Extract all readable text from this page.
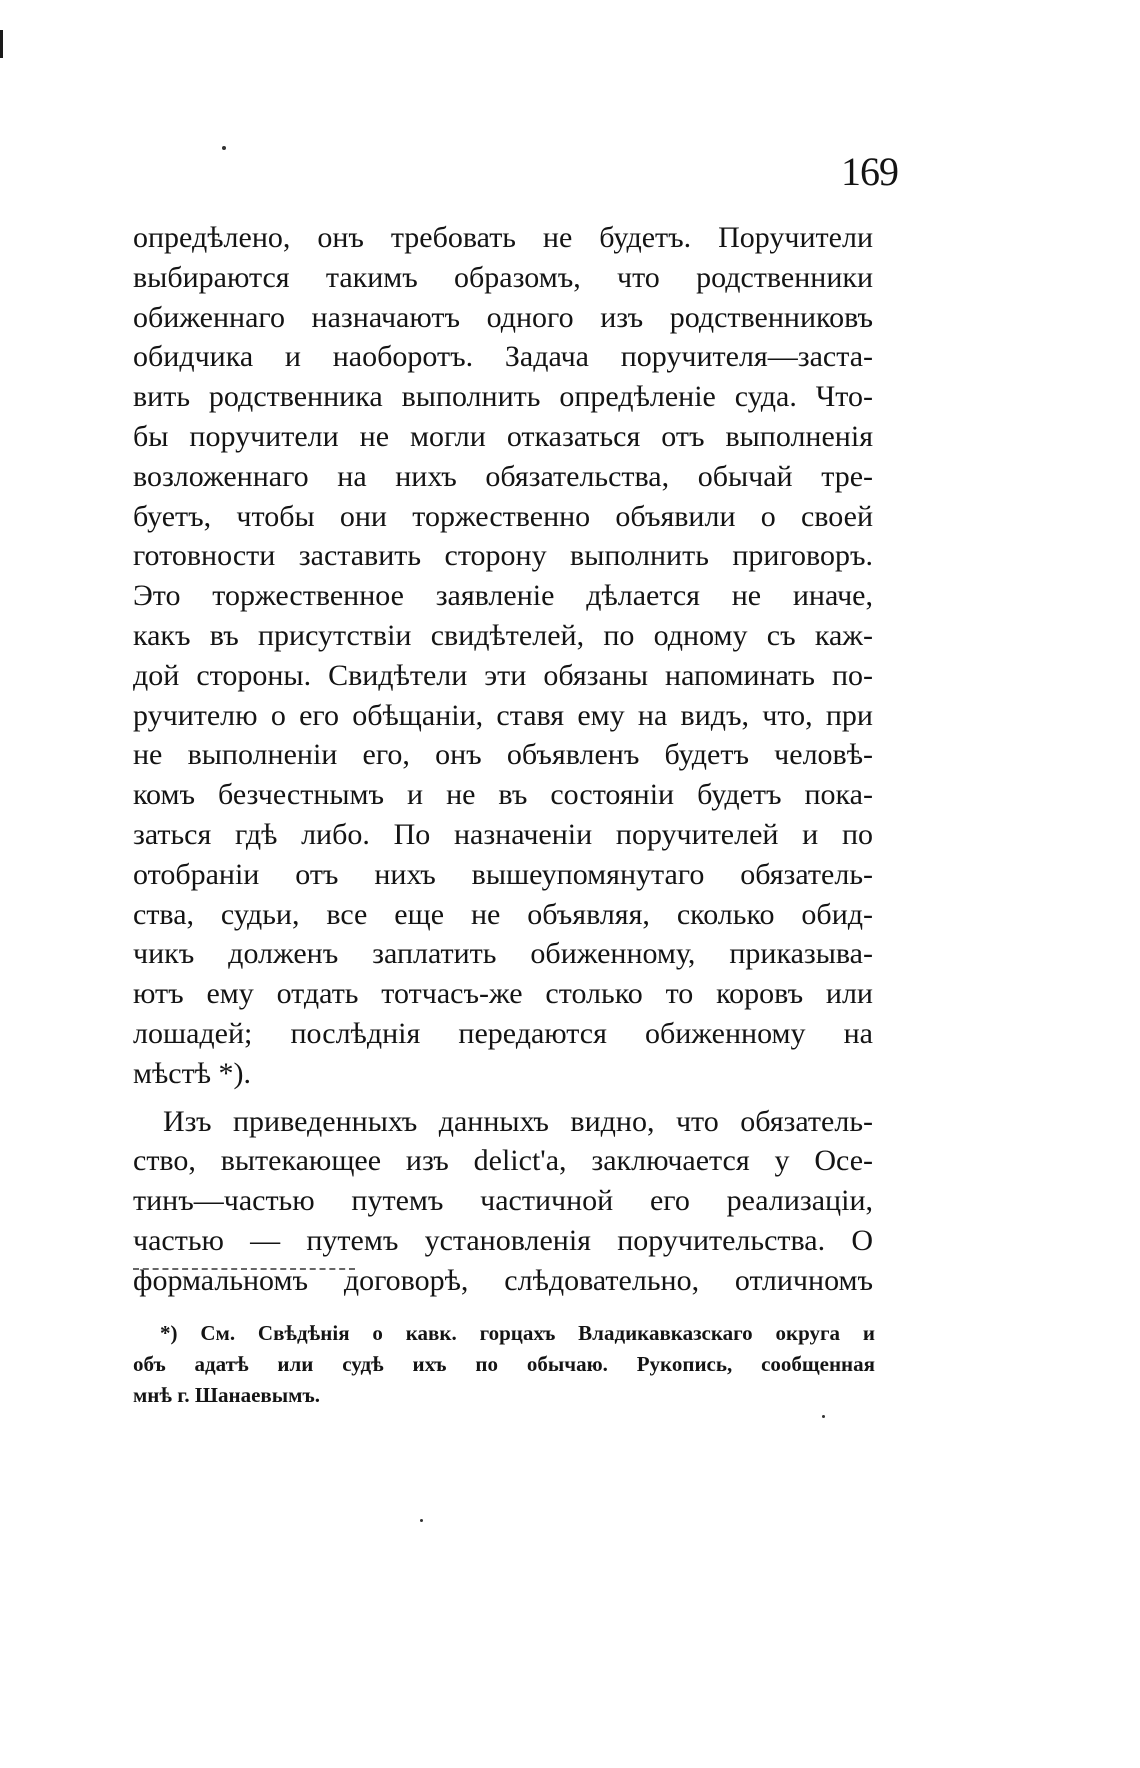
169
опредѣлено, онъ требовать не будетъ. Поручители
выбираются такимъ образомъ, что родственники
обиженнаго назначаютъ одного изъ родственниковъ
обидчика и наоборотъ. Задача поручителя—заста-
вить родственника выполнить опредѣленіе суда. Что-
бы поручители не могли отказаться отъ выполненія
возложеннаго на нихъ обязательства, обычай тре-
буетъ, чтобы они торжественно объявили о своей
готовности заставить сторону выполнить приговоръ.
Это торжественное заявленіе дѣлается не иначе,
какъ въ присутствіи свидѣтелей, по одному съ каж-
дой стороны. Свидѣтели эти обязаны напоминать по-
ручителю о его обѣщаніи, ставя ему на видъ, что, при
не выполненіи его, онъ объявленъ будетъ человѣ-
комъ безчестнымъ и не въ состояніи будетъ пока-
заться гдѣ либо. По назначеніи поручителей и по
отобраніи отъ нихъ вышеупомянутаго обязатель-
ства, судьи, все еще не объявляя, сколько обид-
чикъ долженъ заплатить обиженному, приказыва-
ютъ ему отдать тотчасъ-же столько то коровъ или
лошадей; послѣднія передаются обиженному на
мѣстѣ *).
Изъ приведенныхъ данныхъ видно, что обязатель-
ство, вытекающее изъ delict'a, заключается у Осе-
тинъ—частью путемъ частичной его реализаціи,
частью — путемъ установленія поручительства. О
формальномъ договорѣ, слѣдовательно, отличномъ
*) См. Свѣдѣнія о кавк. горцахъ Владикавказскаго округа и
объ адатѣ или судѣ ихъ по обычаю. Рукопись, сообщенная
мнѣ г. Шанаевымъ.
